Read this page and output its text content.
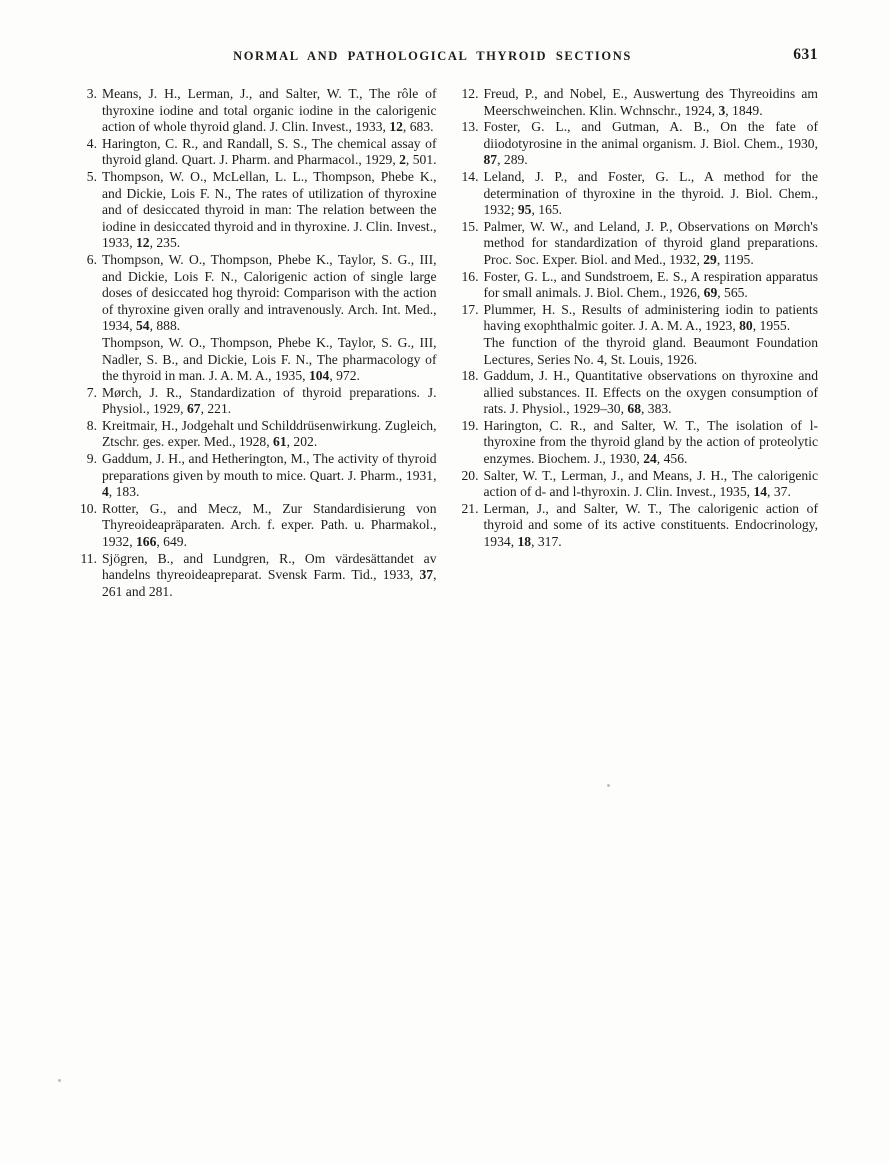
NORMAL AND PATHOLOGICAL THYROID SECTIONS	631
3. Means, J. H., Lerman, J., and Salter, W. T., The rôle of thyroxine iodine and total organic iodine in the calorigenic action of whole thyroid gland. J. Clin. Invest., 1933, 12, 683.

4. Harington, C. R., and Randall, S. S., The chemical assay of thyroid gland. Quart. J. Pharm. and Pharmacol., 1929, 2, 501.

5. Thompson, W. O., McLellan, L. L., Thompson, Phebe K., and Dickie, Lois F. N., The rates of utilization of thyroxine and of desiccated thyroid in man: The relation between the iodine in desiccated thyroid and in thyroxine. J. Clin. Invest., 1933, 12, 235.

6. Thompson, W. O., Thompson, Phebe K., Taylor, S. G., III, and Dickie, Lois F. N., Calorigenic action of single large doses of desiccated hog thyroid: Comparison with the action of thyroxine given orally and intravenously. Arch. Int. Med., 1934, 54, 888.

Thompson, W. O., Thompson, Phebe K., Taylor, S. G., III, Nadler, S. B., and Dickie, Lois F. N., The pharmacology of the thyroid in man. J. A. M. A., 1935, 104, 972.

7. Mørch, J. R., Standardization of thyroid preparations. J. Physiol., 1929, 67, 221.

8. Kreitmair, H., Jodgehalt und Schilddrüsenwirkung. Zugleich, Ztschr. ges. exper. Med., 1928, 61, 202.

9. Gaddum, J. H., and Hetherington, M., The activity of thyroid preparations given by mouth to mice. Quart. J. Pharm., 1931, 4, 183.

10. Rotter, G., and Mecz, M., Zur Standardisierung von Thyreoideapräparaten. Arch. f. exper. Path. u. Pharmakol., 1932, 166, 649.

11. Sjögren, B., and Lundgren, R., Om värdesättandet av handelns thyreoideapreparat. Svensk Farm. Tid., 1933, 37, 261 and 281.

12. Freud, P., and Nobel, E., Auswertung des Thyreoidins am Meerschweinchen. Klin. Wchnschr., 1924, 3, 1849.

13. Foster, G. L., and Gutman, A. B., On the fate of diiodotyrosine in the animal organism. J. Biol. Chem., 1930, 87, 289.

14. Leland, J. P., and Foster, G. L., A method for the determination of thyroxine in the thyroid. J. Biol. Chem., 1932; 95, 165.

15. Palmer, W. W., and Leland, J. P., Observations on Mørch's method for standardization of thyroid gland preparations. Proc. Soc. Exper. Biol. and Med., 1932, 29, 1195.

16. Foster, G. L., and Sundstroem, E. S., A respiration apparatus for small animals. J. Biol. Chem., 1926, 69, 565.

17. Plummer, H. S., Results of administering iodin to patients having exophthalmic goiter. J. A. M. A., 1923, 80, 1955.

The function of the thyroid gland. Beaumont Foundation Lectures, Series No. 4, St. Louis, 1926.

18. Gaddum, J. H., Quantitative observations on thyroxine and allied substances. II. Effects on the oxygen consumption of rats. J. Physiol., 1929–30, 68, 383.

19. Harington, C. R., and Salter, W. T., The isolation of l-thyroxine from the thyroid gland by the action of proteolytic enzymes. Biochem. J., 1930, 24, 456.

20. Salter, W. T., Lerman, J., and Means, J. H., The calorigenic action of d- and l-thyroxin. J. Clin. Invest., 1935, 14, 37.

21. Lerman, J., and Salter, W. T., The calorigenic action of thyroid and some of its active constituents. Endocrinology, 1934, 18, 317.
